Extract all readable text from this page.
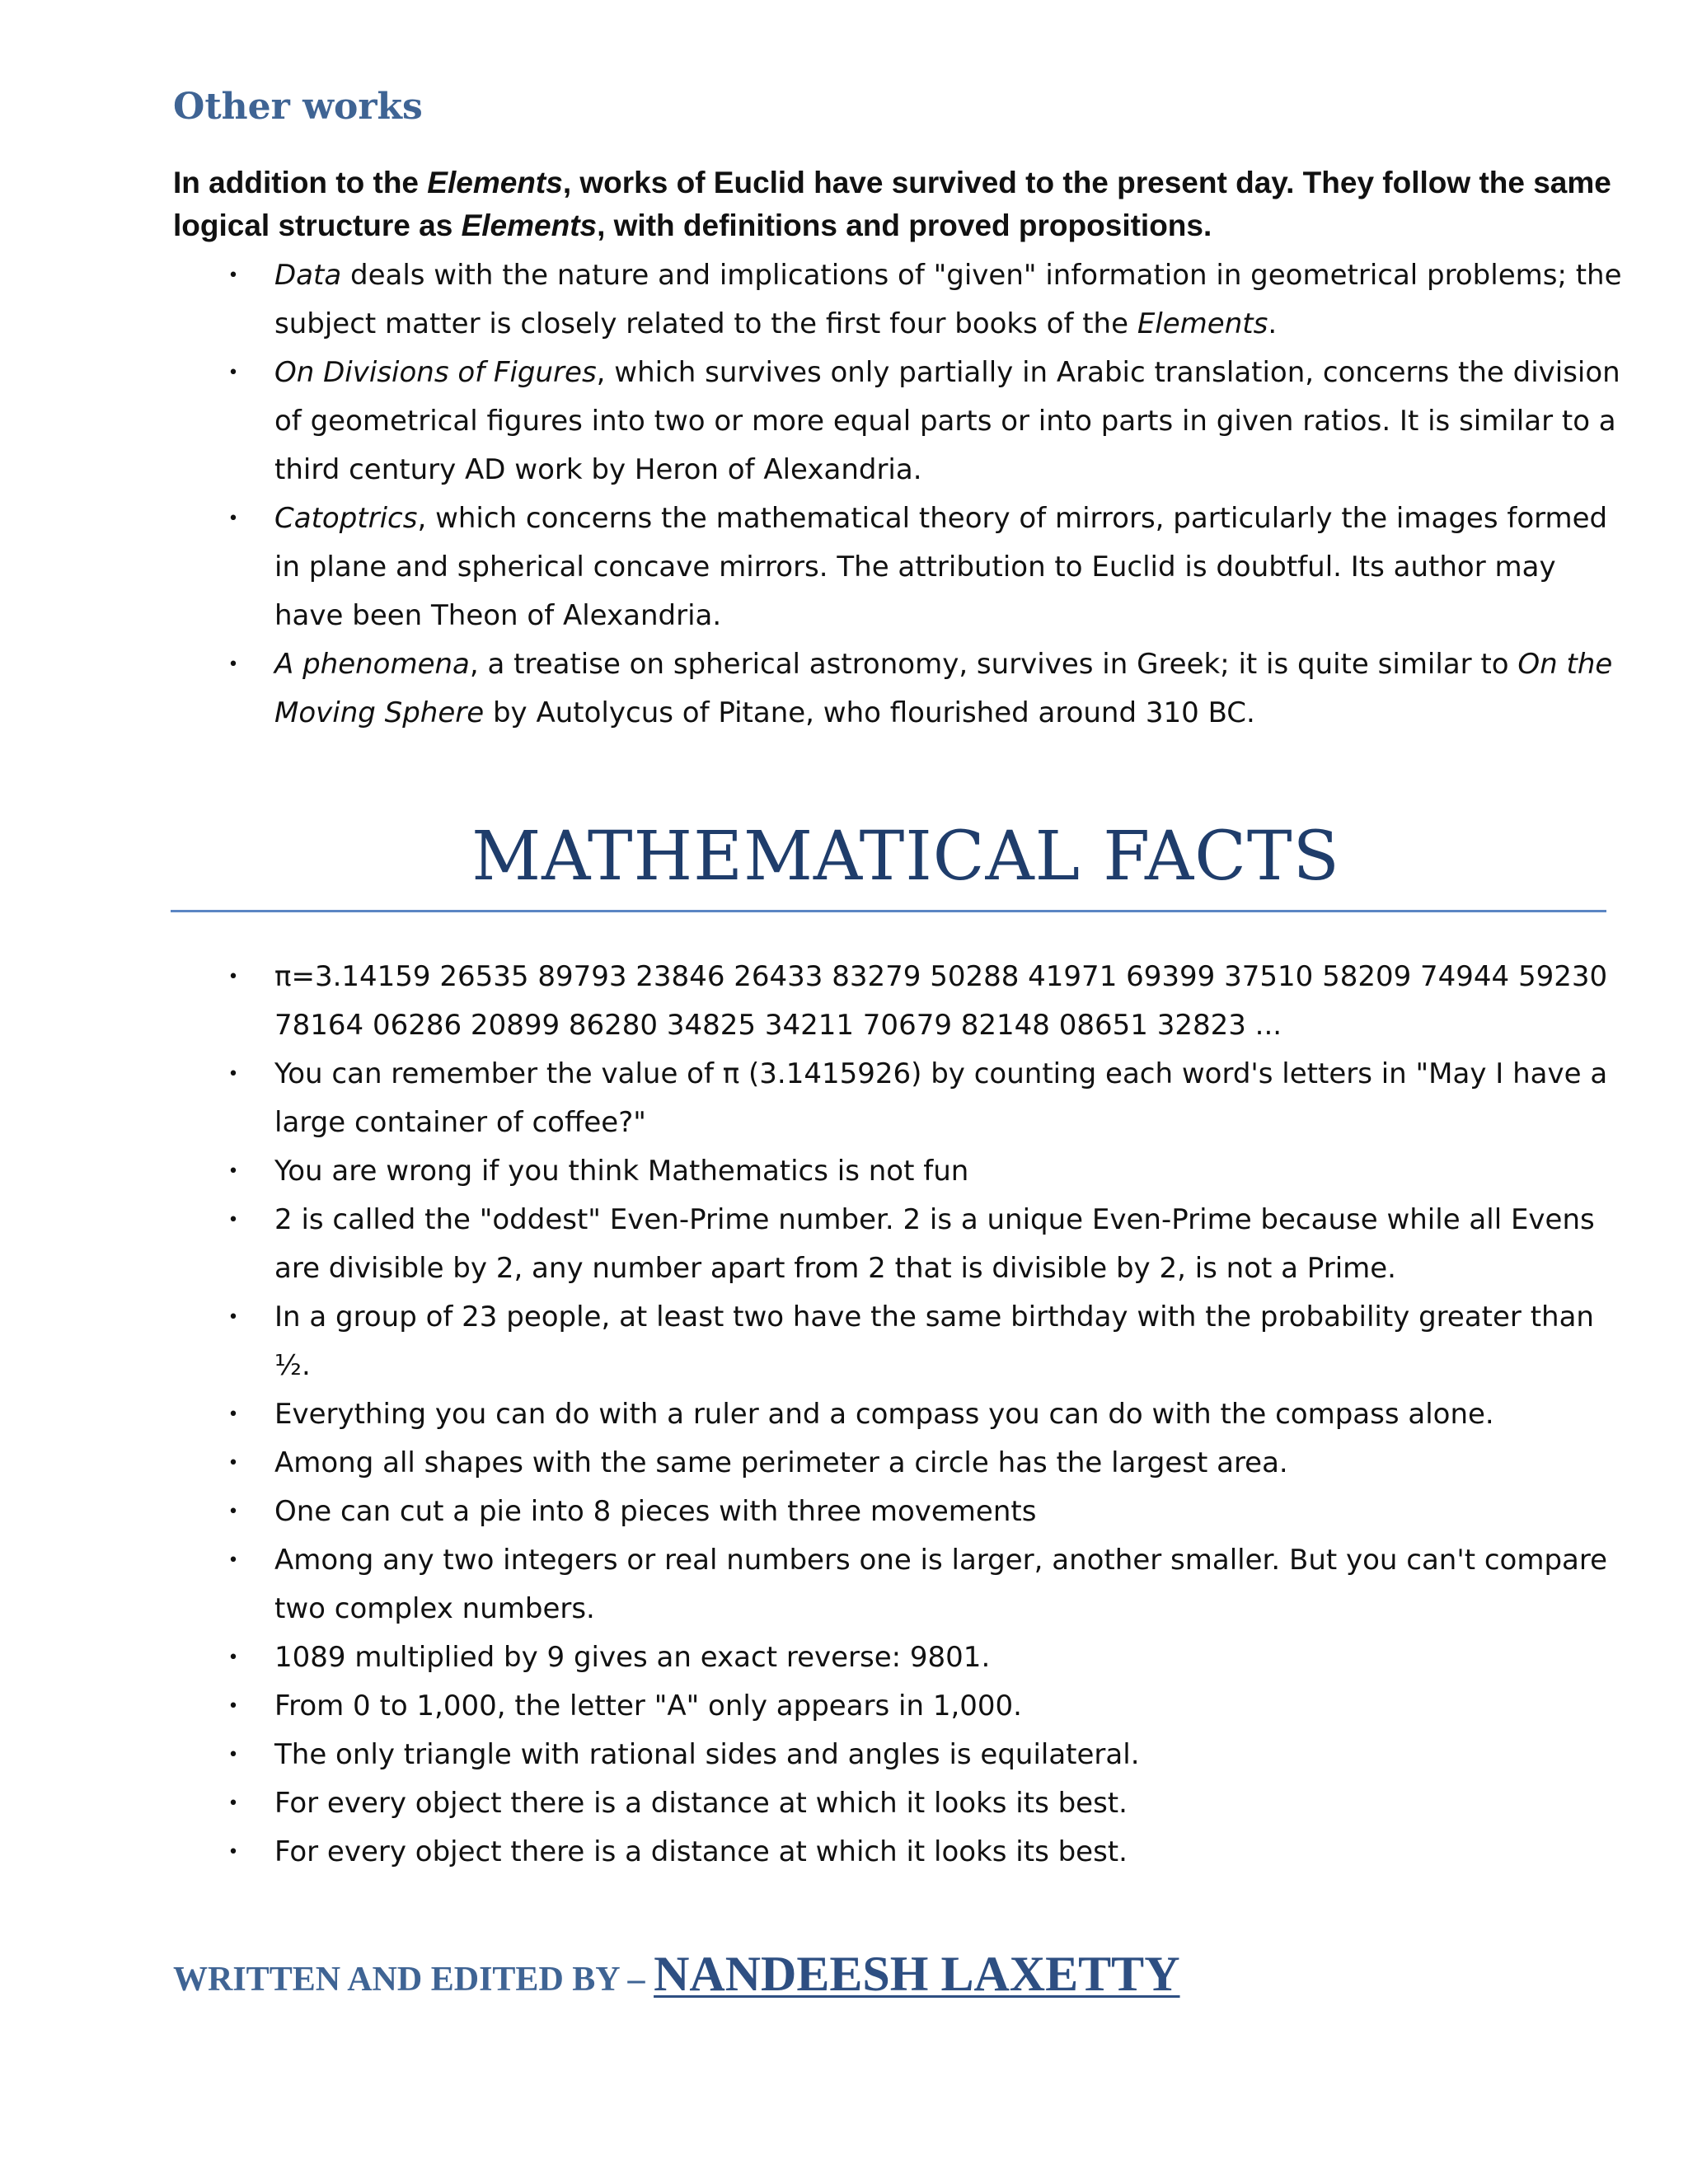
Other works

In addition to the Elements, works of Euclid have survived to the present day. They follow the same logical structure as Elements, with definitions and proved propositions.

• Data deals with the nature and implications of "given" information in geometrical problems; the subject matter is closely related to the first four books of the Elements.
• On Divisions of Figures, which survives only partially in Arabic translation, concerns the division of geometrical figures into two or more equal parts or into parts in given ratios. It is similar to a third century AD work by Heron of Alexandria.
• Catoptrics, which concerns the mathematical theory of mirrors, particularly the images formed in plane and spherical concave mirrors. The attribution to Euclid is doubtful. Its author may have been Theon of Alexandria.
• A phenomena, a treatise on spherical astronomy, survives in Greek; it is quite similar to On the Moving Sphere by Autolycus of Pitane, who flourished around 310 BC.
MATHEMATICAL FACTS
• π=3.14159 26535 89793 23846 26433 83279 50288 41971 69399 37510 58209 74944 59230 78164 06286 20899 86280 34825 34211 70679 82148 08651 32823 ...
• You can remember the value of π (3.1415926) by counting each word's letters in "May I have a large container of coffee?"
• You are wrong if you think Mathematics is not fun
• 2 is called the "oddest" Even-Prime number. 2 is a unique Even-Prime because while all Evens are divisible by 2, any number apart from 2 that is divisible by 2, is not a Prime.
• In a group of 23 people, at least two have the same birthday with the probability greater than ½.
• Everything you can do with a ruler and a compass you can do with the compass alone.
• Among all shapes with the same perimeter a circle has the largest area.
• One can cut a pie into 8 pieces with three movements
• Among any two integers or real numbers one is larger, another smaller. But you can't compare two complex numbers.
• 1089 multiplied by 9 gives an exact reverse: 9801.
• From 0 to 1,000, the letter "A" only appears in 1,000.
• The only triangle with rational sides and angles is equilateral.
• For every object there is a distance at which it looks its best.
• For every object there is a distance at which it looks its best.

WRITTEN AND EDITED BY – NANDEESH LAXETTY
